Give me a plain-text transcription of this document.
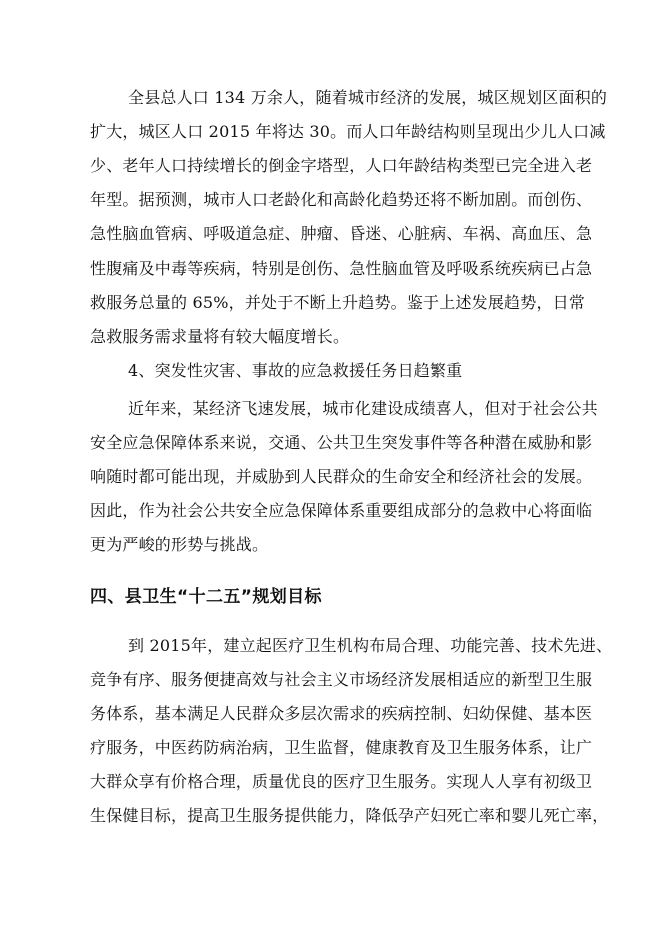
全县总人口 134 万余人，随着城市经济的发展，城区规划区面积的
扩大，城区人口 2015 年将达 30。而人口年龄结构则呈现出少儿人口减
少、老年人口持续增长的倒金字塔型，人口年龄结构类型已完全进入老
年型。据预测，城市人口老龄化和高龄化趋势还将不断加剧。而创伤、
急性脑血管病、呼吸道急症、肿瘤、昏迷、心脏病、车祸、高血压、急
性腹痛及中毒等疾病，特别是创伤、急性脑血管及呼吸系统疾病已占急
救服务总量的 65%，并处于不断上升趋势。鉴于上述发展趋势，日常
急救服务需求量将有较大幅度增长。
4、突发性灾害、事故的应急救援任务日趋繁重
近年来，某经济飞速发展，城市化建设成绩喜人，但对于社会公共
安全应急保障体系来说，交通、公共卫生突发事件等各种潜在威胁和影
响随时都可能出现，并威胁到人民群众的生命安全和经济社会的发展。
因此，作为社会公共安全应急保障体系重要组成部分的急救中心将面临
更为严峻的形势与挑战。
四、县卫生“十二五”规划目标
到 2015年，建立起医疗卫生机构布局合理、功能完善、技术先进、
竞争有序、服务便捷高效与社会主义市场经济发展相适应的新型卫生服
务体系，基本满足人民群众多层次需求的疾病控制、妇幼保健、基本医
疗服务，中医药防病治病，卫生监督，健康教育及卫生服务体系，让广
大群众享有价格合理，质量优良的医疗卫生服务。实现人人享有初级卫
生保健目标，提高卫生服务提供能力，降低孕产妇死亡率和婴儿死亡率，
